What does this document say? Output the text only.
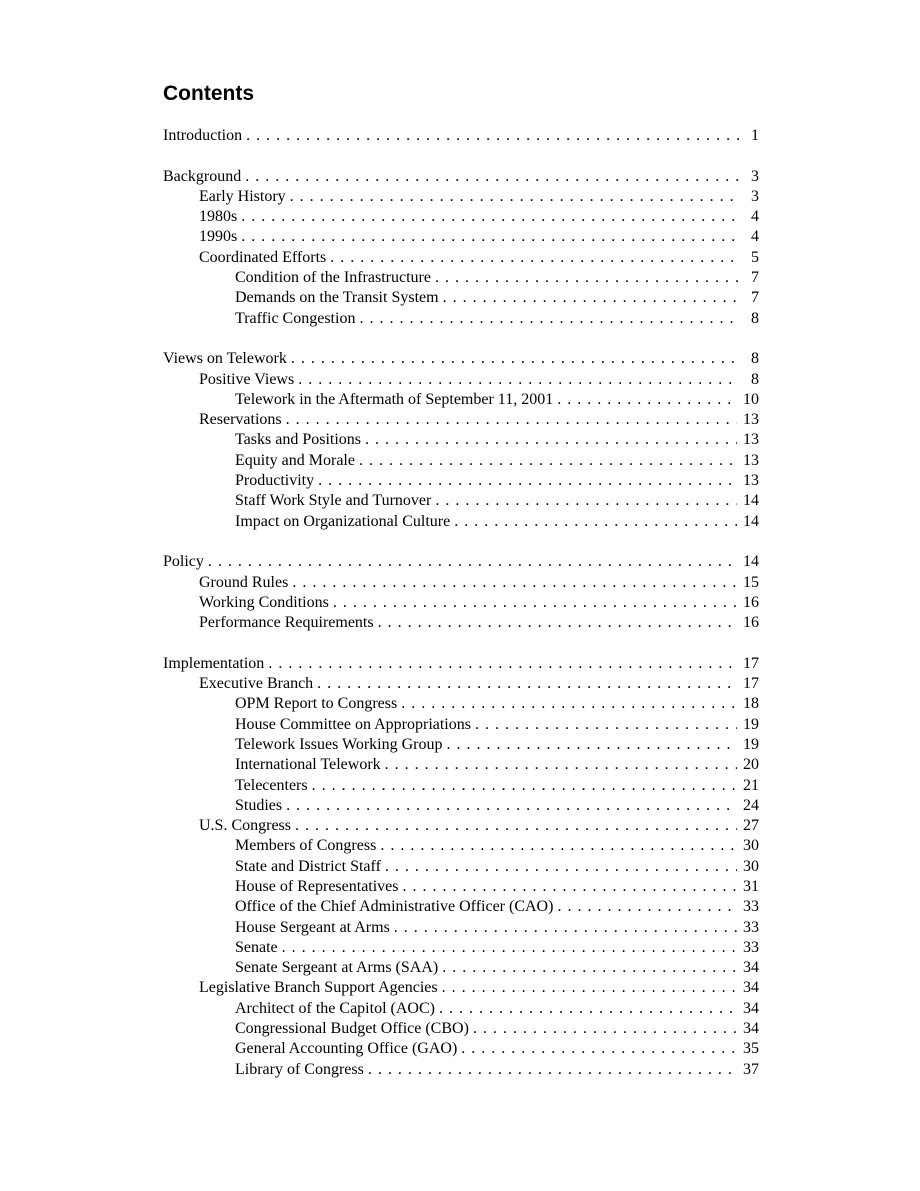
Contents
Introduction . . .	1
Background . . .	3
Early History . . .	3
1980s . . .	4
1990s . . .	4
Coordinated Efforts . . .	5
Condition of the Infrastructure . . .	7
Demands on the Transit System . . .	7
Traffic Congestion . . .	8
Views on Telework . . .	8
Positive Views . . .	8
Telework in the Aftermath of September 11, 2001 . . .	10
Reservations . . .	13
Tasks and Positions . . .	13
Equity and Morale . . .	13
Productivity . . .	13
Staff Work Style and Turnover . . .	14
Impact on Organizational Culture . . .	14
Policy . . .	14
Ground Rules . . .	15
Working Conditions . . .	16
Performance Requirements . . .	16
Implementation . . .	17
Executive Branch . . .	17
OPM Report to Congress . . .	18
House Committee on Appropriations . . .	19
Telework Issues Working Group . . .	19
International Telework . . .	20
Telecenters . . .	21
Studies . . .	24
U.S. Congress . . .	27
Members of Congress . . .	30
State and District Staff . . .	30
House of Representatives . . .	31
Office of the Chief Administrative Officer (CAO) . . .	33
House Sergeant at Arms . . .	33
Senate . . .	33
Senate Sergeant at Arms (SAA) . . .	34
Legislative Branch Support Agencies . . .	34
Architect of the Capitol (AOC) . . .	34
Congressional Budget Office (CBO) . . .	34
General Accounting Office (GAO) . . .	35
Library of Congress . . .	37
